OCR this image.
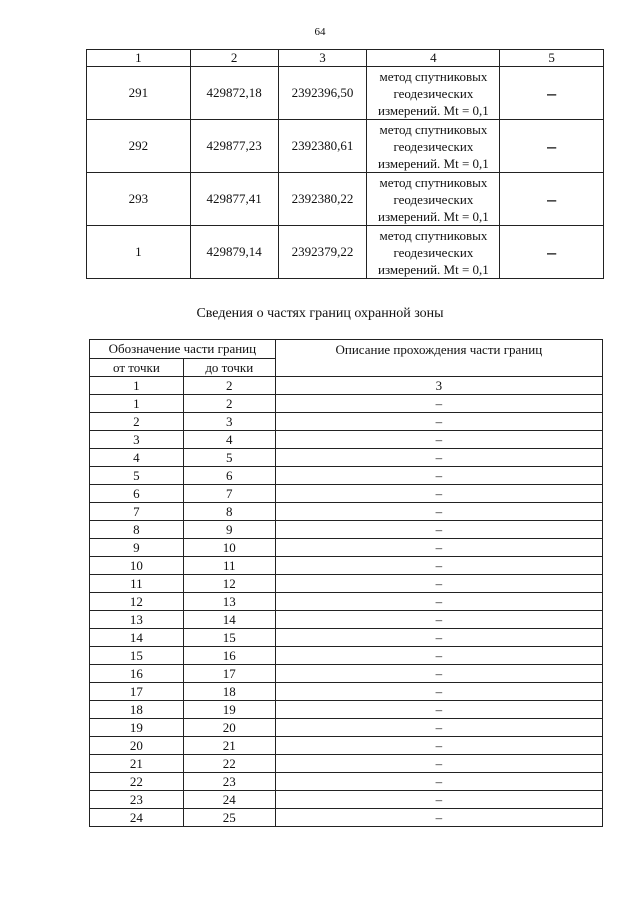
64
1	2	3	4	5
291	429872,18	2392396,50	метод спутниковых
геодезических
измерений. Mt = 0,1	–
292	429877,23	2392380,61	метод спутниковых
геодезических
измерений. Mt = 0,1	–
293	429877,41	2392380,22	метод спутниковых
геодезических
измерений. Mt = 0,1	–
1	429879,14	2392379,22	метод спутниковых
геодезических
измерений. Mt = 0,1	–
Сведения о частях границ охранной зоны
Обозначение части границ		Описание прохождения части границ
от точки	до точки	
1	2	3
1	2	–
2	3	–
3	4	–
4	5	–
5	6	–
6	7	–
7	8	–
8	9	–
9	10	–
10	11	–
11	12	–
12	13	–
13	14	–
14	15	–
15	16	–
16	17	–
17	18	–
18	19	–
19	20	–
20	21	–
21	22	–
22	23	–
23	24	–
24	25	–
